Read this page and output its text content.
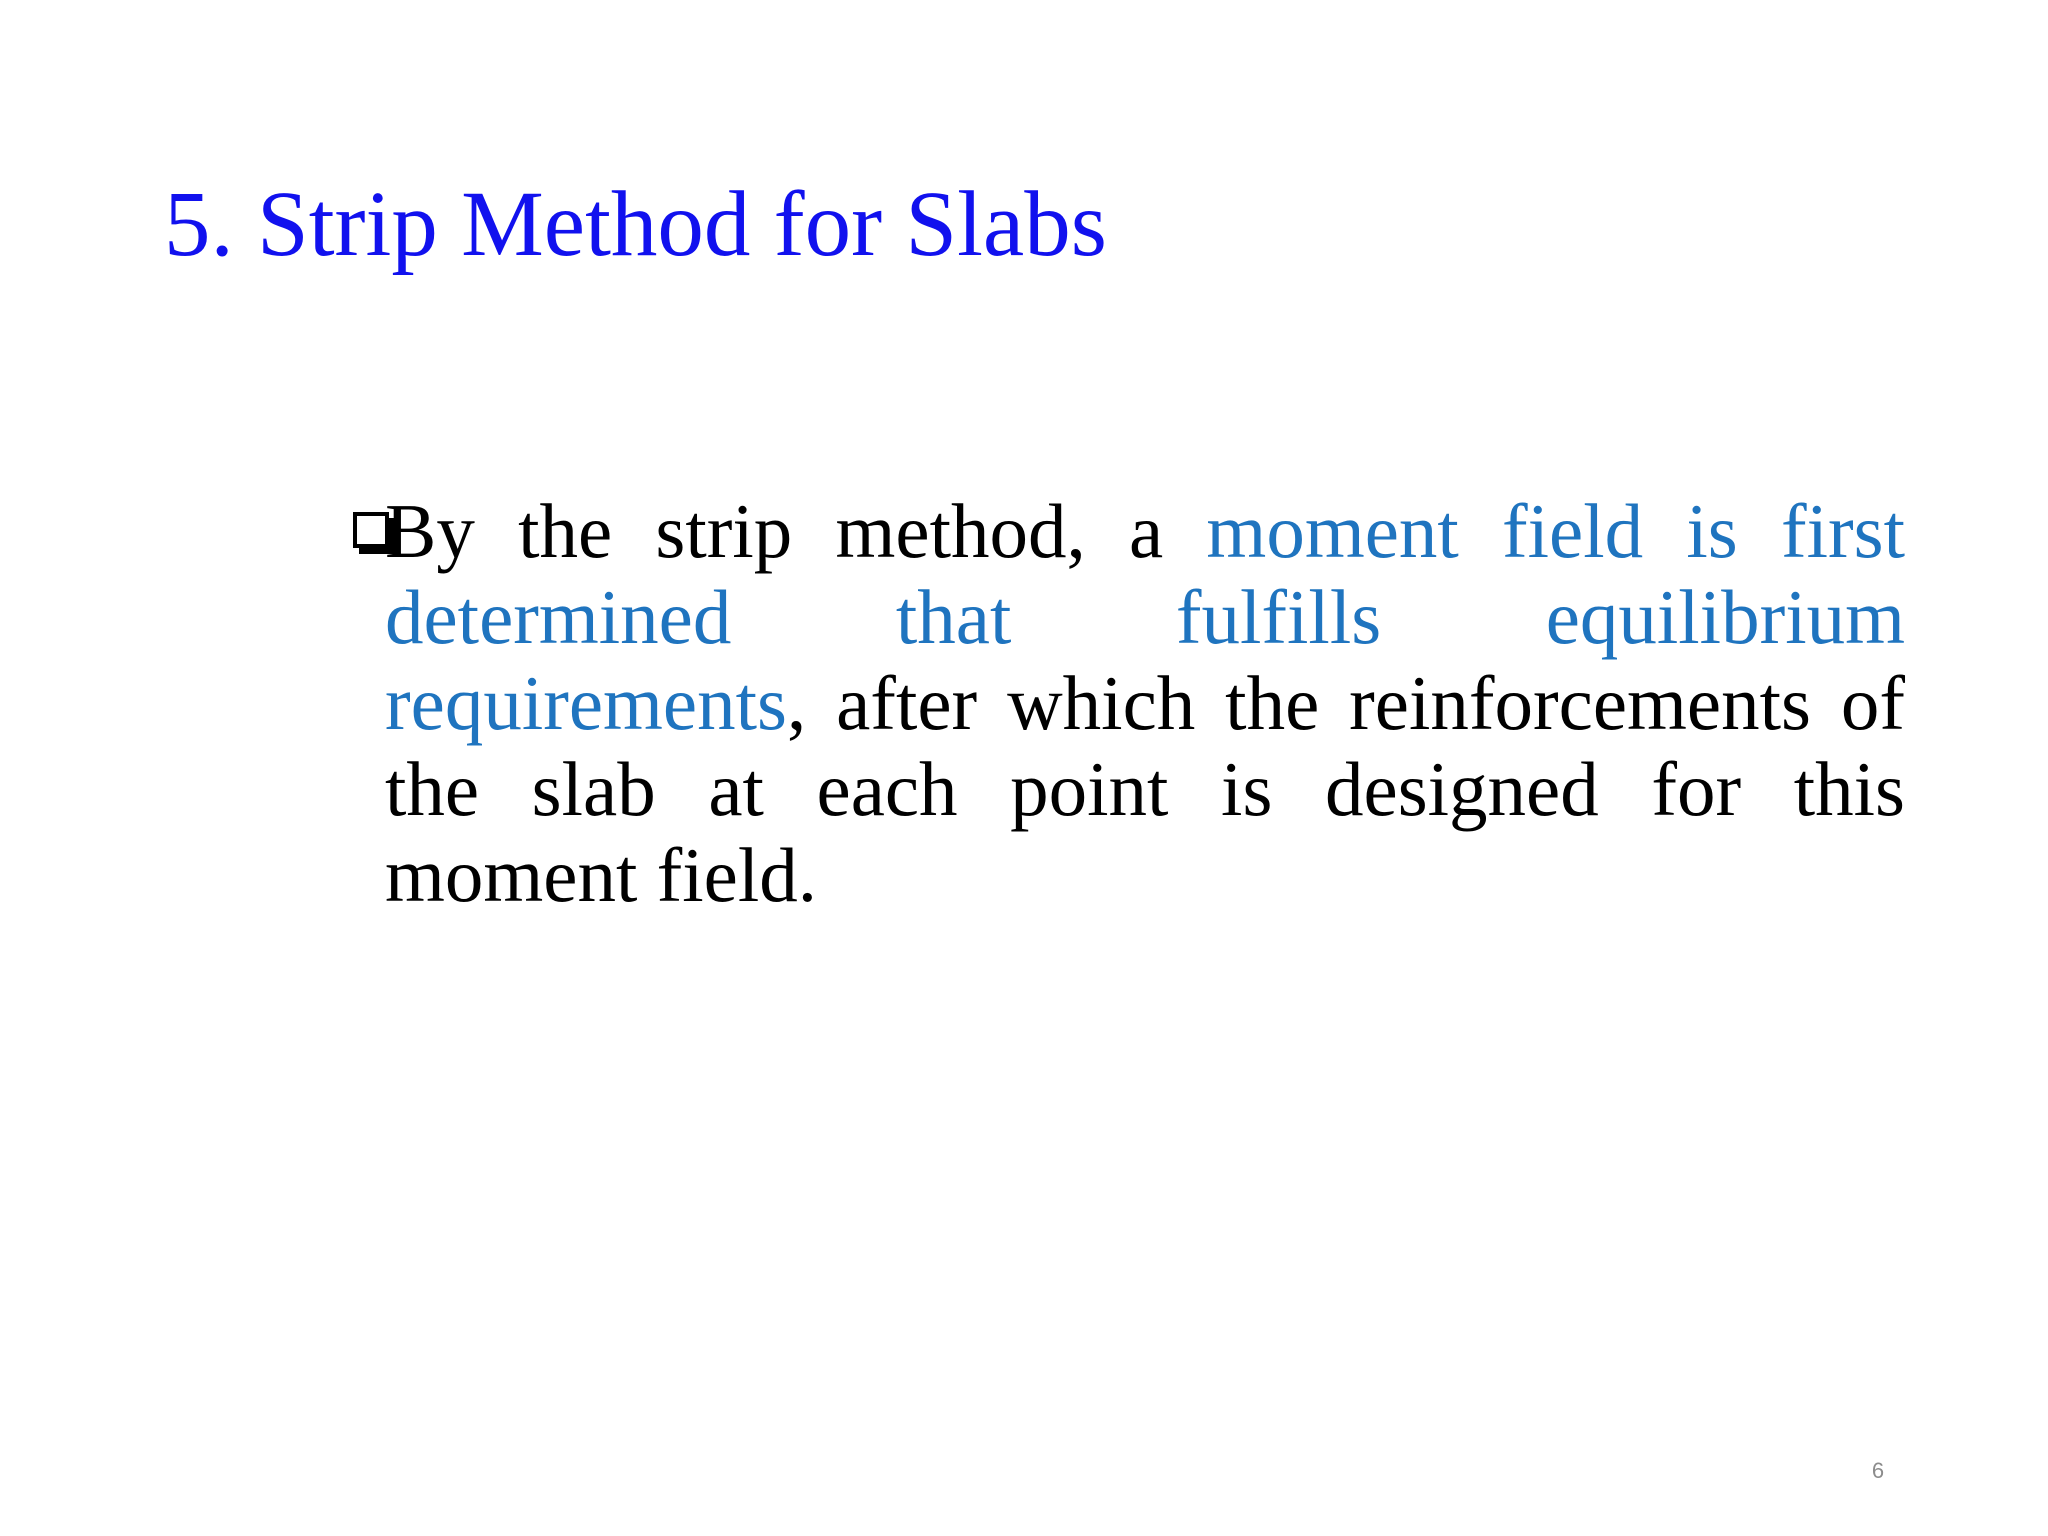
5. Strip Method for Slabs

By the strip method, a moment field is first determined that fulfills equilibrium requirements, after which the reinforcements of the slab at each point is designed for this moment field.

6
